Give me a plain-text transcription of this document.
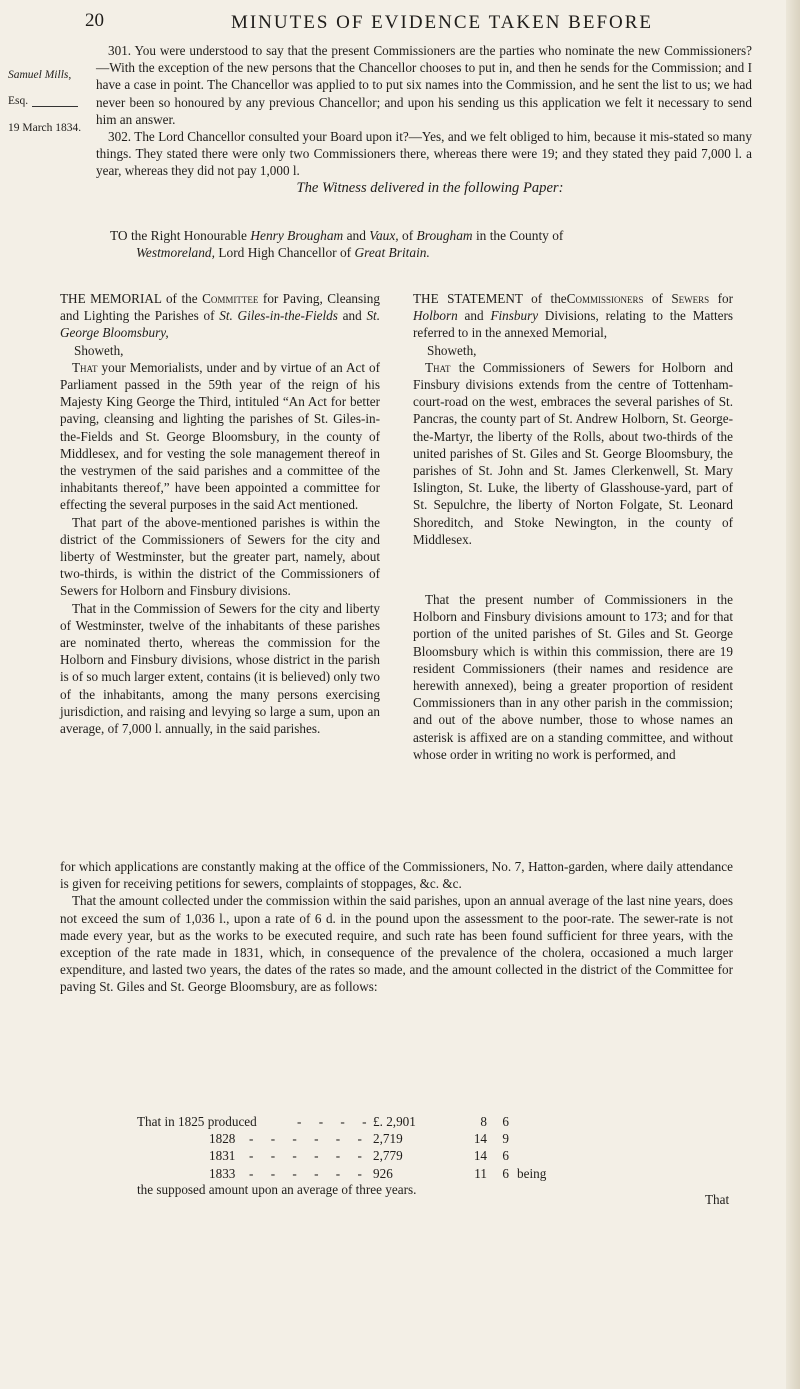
20	MINUTES OF EVIDENCE TAKEN BEFORE
Samuel Mills, Esq.
19 March 1834.

301. You were understood to say that the present Commissioners are the parties who nominate the new Commissioners?—With the exception of the new persons that the Chancellor chooses to put in, and then he sends for the Commission; and I have a case in point. The Chancellor was applied to to put six names into the Commission, and he sent the list to us; we had never been so honoured by any previous Chancellor; and upon his sending us this application we felt it necessary to send him an answer.

302. The Lord Chancellor consulted your Board upon it?—Yes, and we felt obliged to him, because it mis-stated so many things. They stated there were only two Commissioners there, whereas there were 19; and they stated they paid 7,000 l. a year, whereas they did not pay 1,000 l.

The Witness delivered in the following Paper:

TO the Right Honourable Henry Brougham and Vaux, of Brougham in the County of
Westmoreland, Lord High Chancellor of Great Britain.

THE MEMORIAL of the Committee for Paving, Cleansing and Lighting the Parishes of St. Giles-in-the-Fields and St. George Bloomsbury,

Showeth,

That your Memorialists, under and by virtue of an Act of Parliament passed in the 59th year of the reign of his Majesty King George the Third, intituled “An Act for better paving, cleansing and lighting the parishes of St. Giles-in-the-Fields and St. George Bloomsbury, in the county of Middlesex, and for vesting the sole management thereof in the vestrymen of the said parishes and a committee of the inhabitants thereof,” have been appointed a committee for effecting the several purposes in the said Act mentioned.

That part of the above-mentioned parishes is within the district of the Commissioners of Sewers for the city and liberty of Westminster, but the greater part, namely, about two-thirds, is within the district of the Commissioners of Sewers for Holborn and Finsbury divisions.

That in the Commission of Sewers for the city and liberty of Westminster, twelve of the inhabitants of these parishes are nominated therto, whereas the commission for the Holborn and Finsbury divisions, whose district in the parish is of so much larger extent, contains (it is believed) only two of the inhabitants, among the many persons exercising jurisdiction, and raising and levying so large a sum, upon an average, of 7,000 l. annually, in the said parishes.

THE STATEMENT of theCommissioners of Sewers for Holborn and Finsbury Divisions, relating to the Matters referred to in the annexed Memorial,

Showeth,

That the Commissioners of Sewers for Holborn and Finsbury divisions extends from the centre of Tottenham-court-road on the west, embraces the several parishes of St. Pancras, the county part of St. Andrew Holborn, St. George-the-Martyr, the liberty of the Rolls, about two-thirds of the united parishes of St. Giles and St. George Bloomsbury, the parishes of St. John and St. James Clerkenwell, St. Mary Islington, St. Luke, the liberty of Glasshouse-yard, part of St. Sepulchre, the liberty of Norton Folgate, St. Leonard Shoreditch, and Stoke Newington, in the county of Middlesex.

That the present number of Commissioners in the Holborn and Finsbury divisions amount to 173; and for that portion of the united parishes of St. Giles and St. George Bloomsbury which is within this commission, there are 19 resident Commissioners (their names and residence are herewith annexed), being a greater proportion of resident Commissioners than in any other parish in the commission; and out of the above number, those to whose names an asterisk is affixed are on a standing committee, and without whose order in writing no work is performed, and

for which applications are constantly making at the office of the Commissioners, No. 7, Hatton-garden, where daily attendance is given for receiving petitions for sewers, complaints of stoppages, &c. &c.

That the amount collected under the commission within the said parishes, upon an annual average of the last nine years, does not exceed the sum of 1,036 l., upon a rate of 6 d. in the pound upon the assessment to the poor-rate. The sewer-rate is not made every year, but as the works to be executed require, and such rate has been found sufficient for three years, with the exception of the rate made in 1831, which, in consequence of the prevalence of the cholera, occasioned a much larger expenditure, and lasted two years, the dates of the rates so made, and the amount collected in the district of the Committee for paving St. Giles and St. George Bloomsbury, are as follows:

That in 1825 produced	- - - - £. 2,901	8	6
1828 - - - - - - 2,719	14	9
1831 - - - - - - 2,779	14	6
1833 - - - - - - 926	11	6 being
the supposed amount upon an average of three years.
That
